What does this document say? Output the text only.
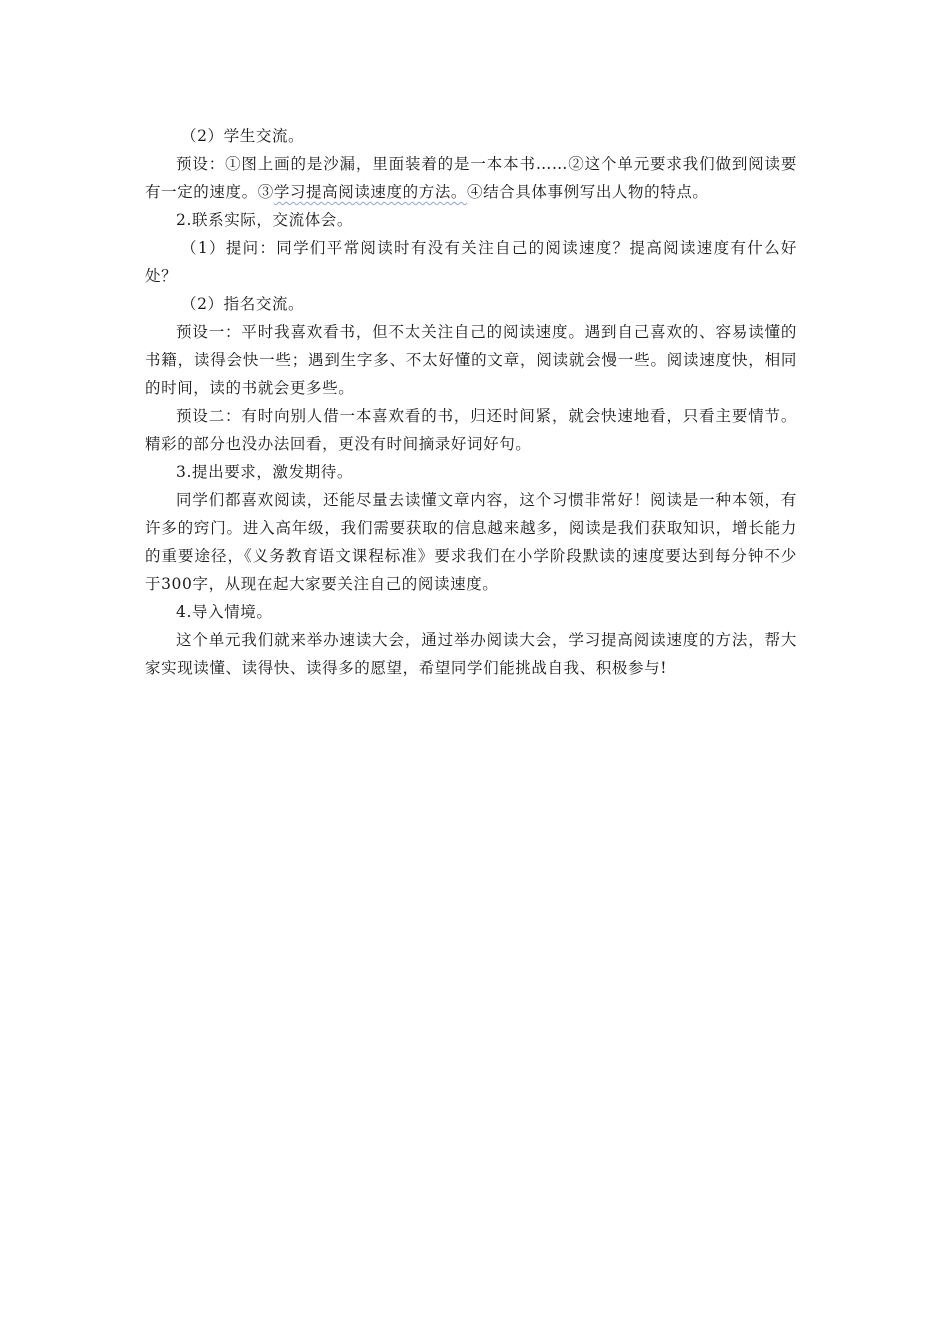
（2）学生交流。

预设：①图上画的是沙漏，里面装着的是一本本书……②这个单元要求我们做到阅读要有一定的速度。③学习提高阅读速度的方法。④结合具体事例写出人物的特点。

2.联系实际，交流体会。

（1）提问：同学们平常阅读时有没有关注自己的阅读速度？提高阅读速度有什么好处？

（2）指名交流。

预设一：平时我喜欢看书，但不太关注自己的阅读速度。遇到自己喜欢的、容易读懂的书籍，读得会快一些；遇到生字多、不太好懂的文章，阅读就会慢一些。阅读速度快，相同的时间，读的书就会更多些。

预设二：有时向别人借一本喜欢看的书，归还时间紧，就会快速地看，只看主要情节。精彩的部分也没办法回看，更没有时间摘录好词好句。

3.提出要求，激发期待。

同学们都喜欢阅读，还能尽量去读懂文章内容，这个习惯非常好！阅读是一种本领，有许多的窍门。进入高年级，我们需要获取的信息越来越多，阅读是我们获取知识，增长能力的重要途径，《义务教育语文课程标准》要求我们在小学阶段默读的速度要达到每分钟不少于300字，从现在起大家要关注自己的阅读速度。

4.导入情境。

这个单元我们就来举办速读大会，通过举办阅读大会，学习提高阅读速度的方法，帮大家实现读懂、读得快、读得多的愿望，希望同学们能挑战自我、积极参与!
